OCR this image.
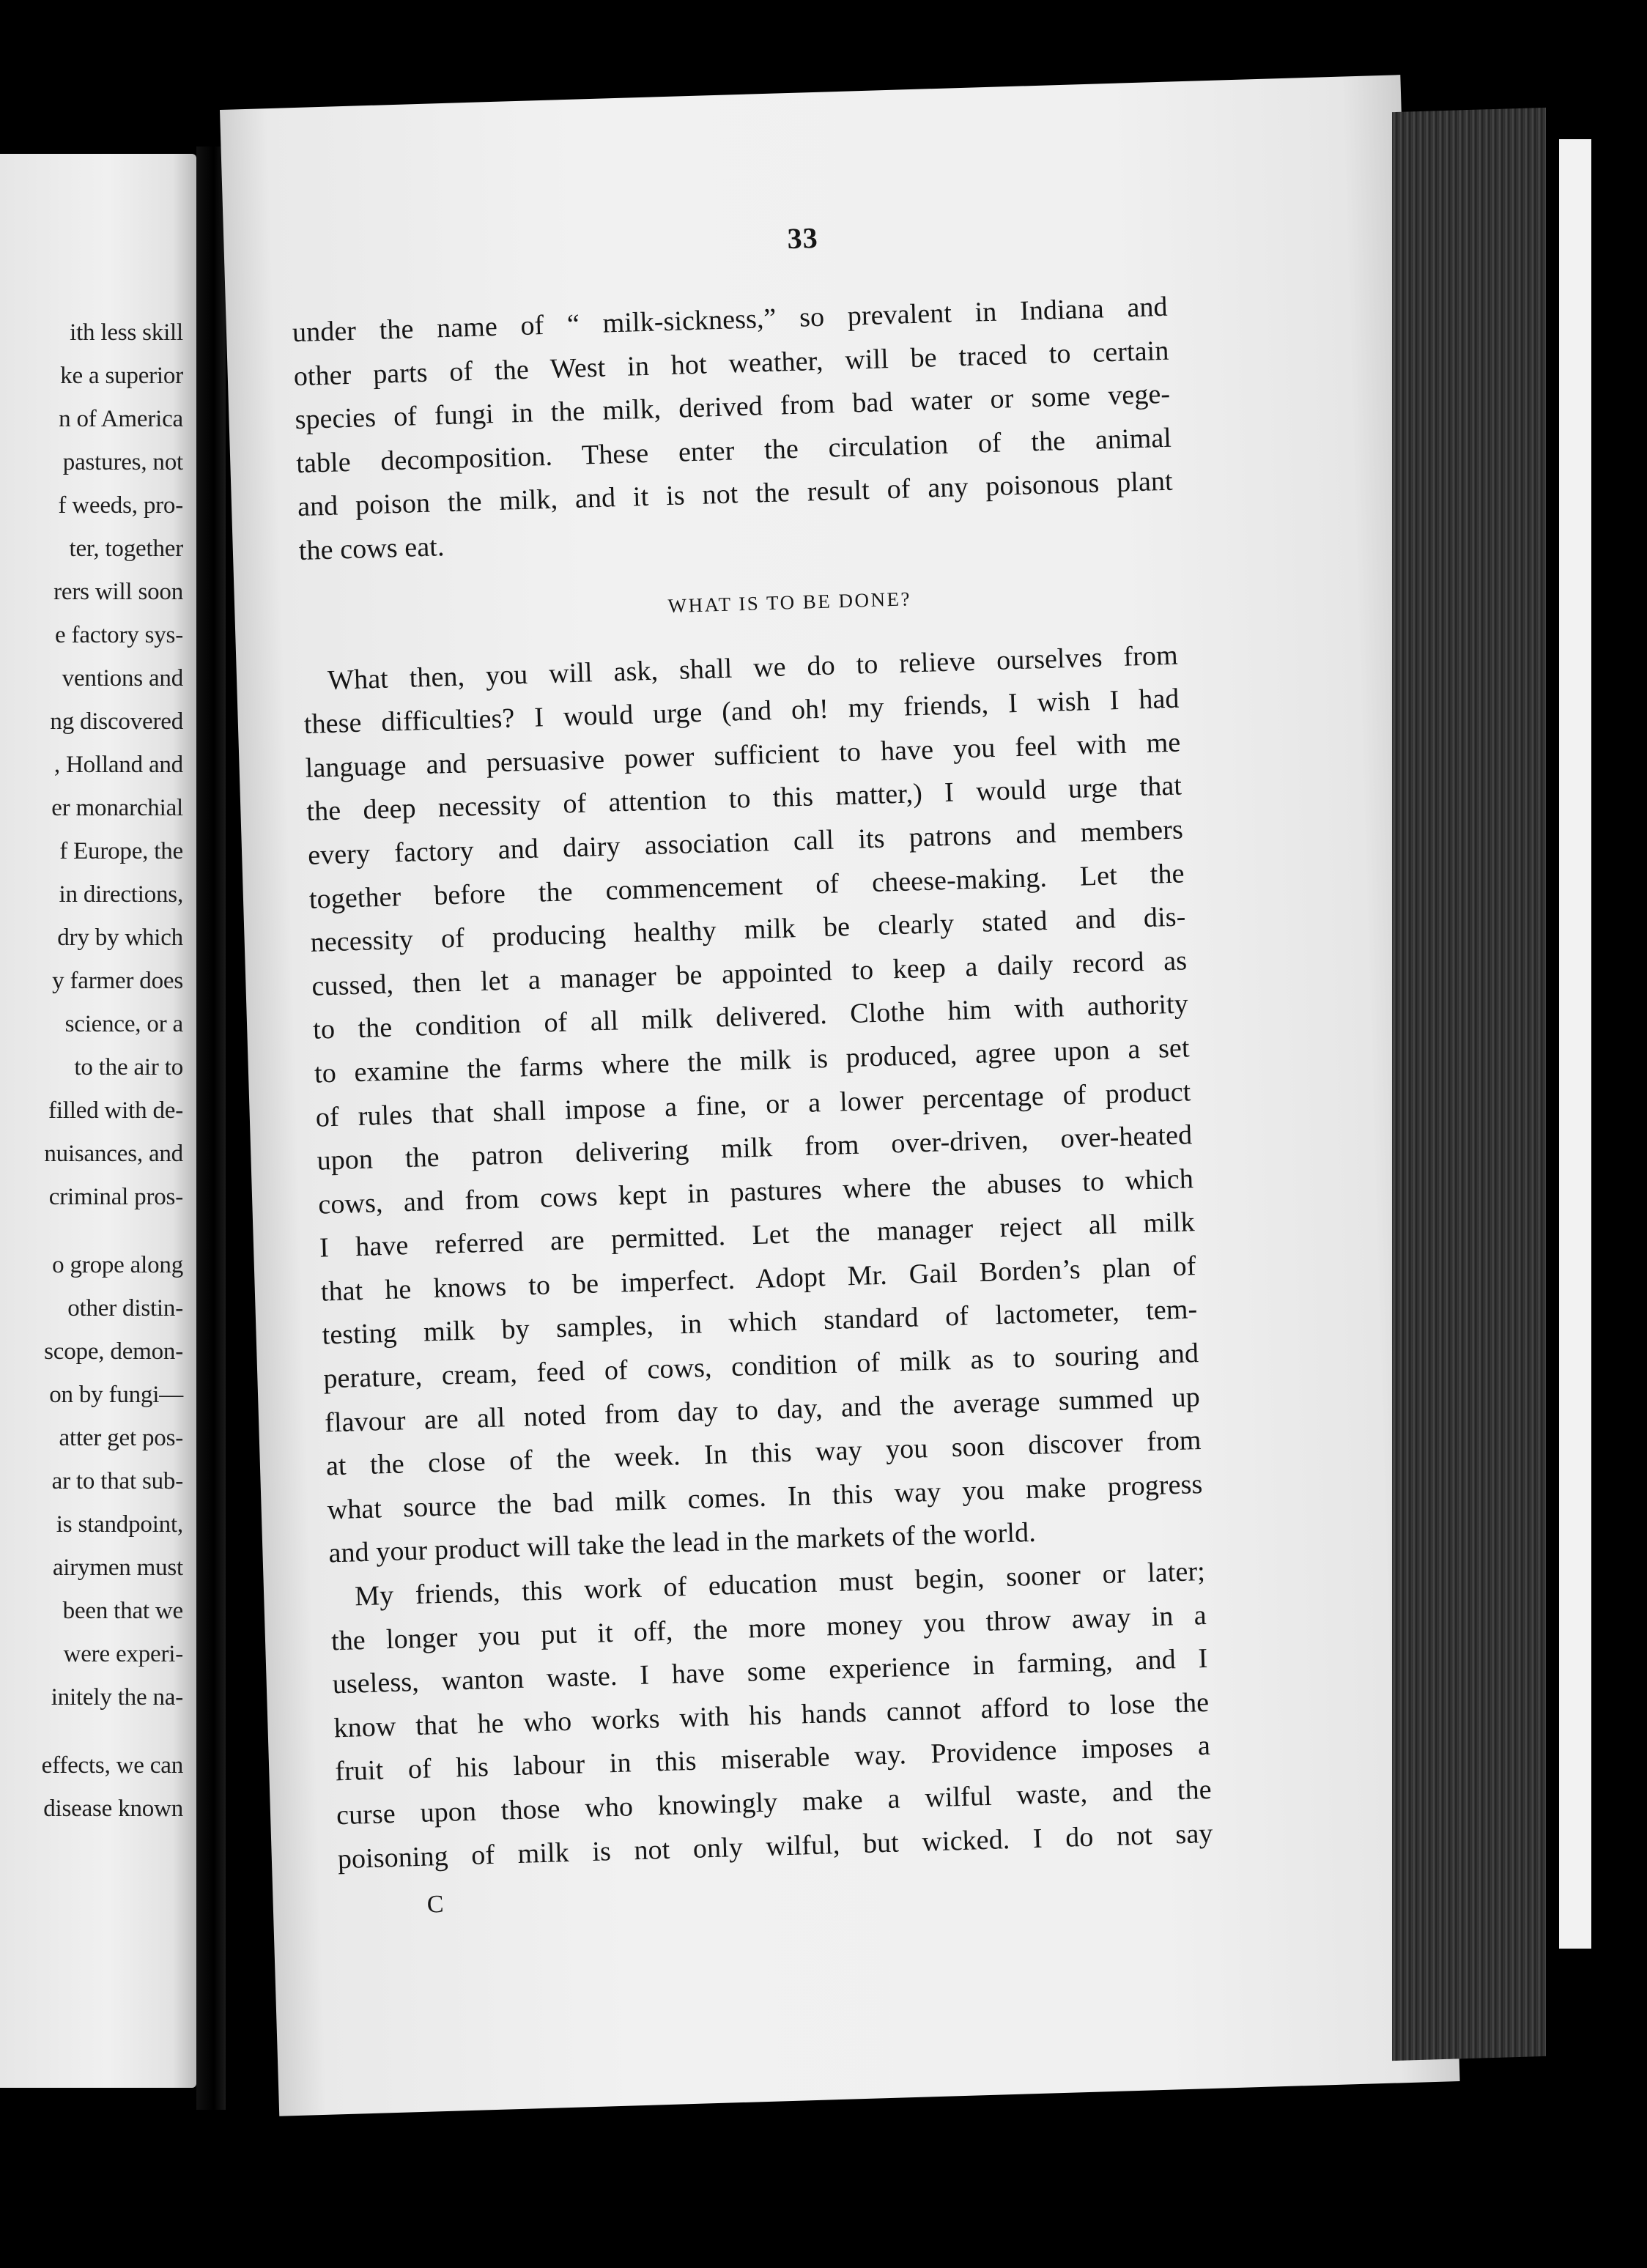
ith less skill
ke a superior
n of America
pastures, not
f weeds, pro-
ter, together
rers will soon
e factory sys-
ventions and
ng discovered
, Holland and
er monarchial
f Europe, the
in directions,
dry by which
y farmer does
science, or a
to the air to
filled with de-
nuisances, and
criminal pros-
o grope along
other distin-
scope, demon-
on by fungi—
atter get pos-
ar to that sub-
is standpoint,
airymen must
been that we
were experi-
initely the na-
effects, we can
disease known
33
under the name of “ milk-sickness,” so prevalent in Indiana and
other parts of the West in hot weather, will be traced to certain
species of fungi in the milk, derived from bad water or some vege-
table decomposition. These enter the circulation of the animal
and poison the milk, and it is not the result of any poisonous plant
the cows eat.
WHAT IS TO BE DONE?
What then, you will ask, shall we do to relieve ourselves from
these difficulties? I would urge (and oh! my friends, I wish I had
language and persuasive power sufficient to have you feel with me
the deep necessity of attention to this matter,) I would urge that
every factory and dairy association call its patrons and members
together before the commencement of cheese-making. Let the
necessity of producing healthy milk be clearly stated and dis-
cussed, then let a manager be appointed to keep a daily record as
to the condition of all milk delivered. Clothe him with authority
to examine the farms where the milk is produced, agree upon a set
of rules that shall impose a fine, or a lower percentage of product
upon the patron delivering milk from over-driven, over-heated
cows, and from cows kept in pastures where the abuses to which
I have referred are permitted. Let the manager reject all milk
that he knows to be imperfect. Adopt Mr. Gail Borden’s plan of
testing milk by samples, in which standard of lactometer, tem-
perature, cream, feed of cows, condition of milk as to souring and
flavour are all noted from day to day, and the average summed up
at the close of the week. In this way you soon discover from
what source the bad milk comes. In this way you make progress
and your product will take the lead in the markets of the world.
My friends, this work of education must begin, sooner or later;
the longer you put it off, the more money you throw away in a
useless, wanton waste. I have some experience in farming, and I
know that he who works with his hands cannot afford to lose the
fruit of his labour in this miserable way. Providence imposes a
curse upon those who knowingly make a wilful waste, and the
poisoning of milk is not only wilful, but wicked. I do not say
C
